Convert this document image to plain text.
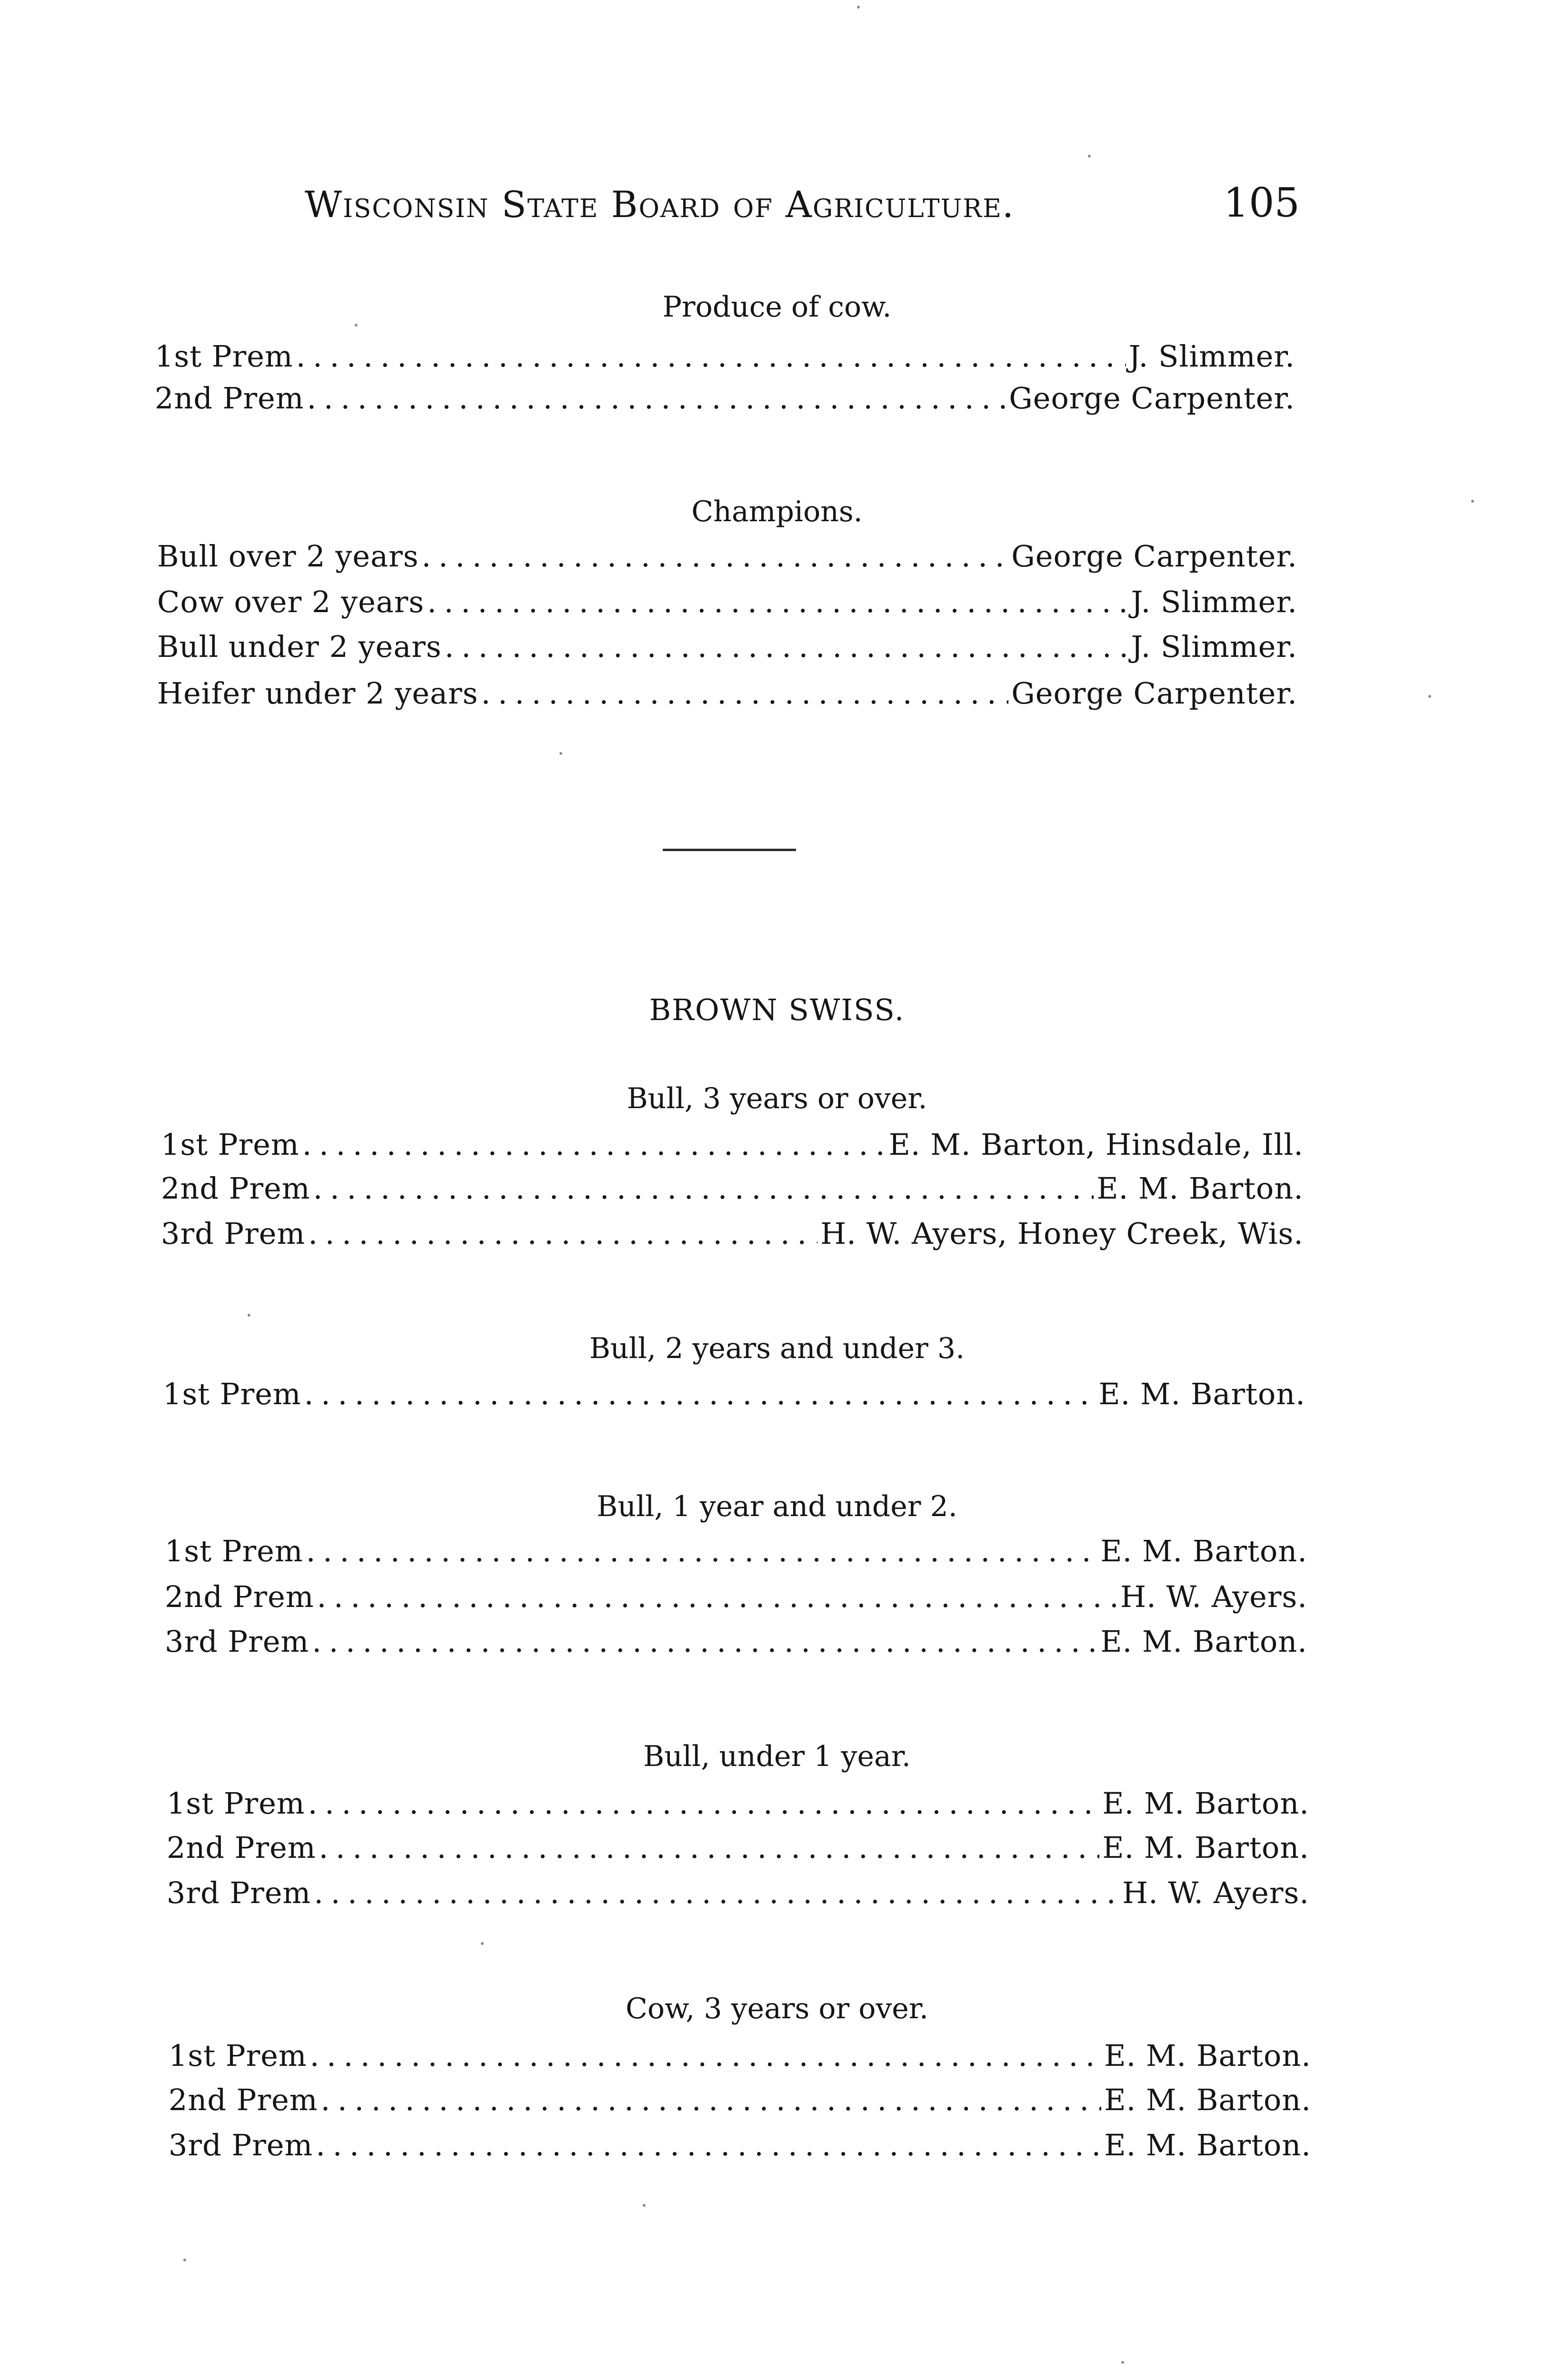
Wisconsin State Board of Agriculture.	105
Produce of cow.
1st Prem . . .	J. Slimmer.
2nd Prem . . .	George Carpenter.
Champions.
Bull over 2 years . . .	George Carpenter.
Cow over 2 years . . .	J. Slimmer.
Bull under 2 years . . .	J. Slimmer.
Heifer under 2 years . . .	George Carpenter.
BROWN SWISS.
Bull, 3 years or over.
1st Prem . . .	E. M. Barton, Hinsdale, Ill.
2nd Prem . . .	E. M. Barton.
3rd Prem . . .	H. W. Ayers, Honey Creek, Wis.
Bull, 2 years and under 3.
1st Prem . . .	E. M. Barton.
Bull, 1 year and under 2.
1st Prem . . .	E. M. Barton.
2nd Prem . . .	H. W. Ayers.
3rd Prem . . .	E. M. Barton.
Bull, under 1 year.
1st Prem . . .	E. M. Barton.
2nd Prem . . .	E. M. Barton.
3rd Prem . . .	H. W. Ayers.
Cow, 3 years or over.
1st Prem . . .	E. M. Barton.
2nd Prem . . .	E. M. Barton.
3rd Prem . . .	E. M. Barton.
